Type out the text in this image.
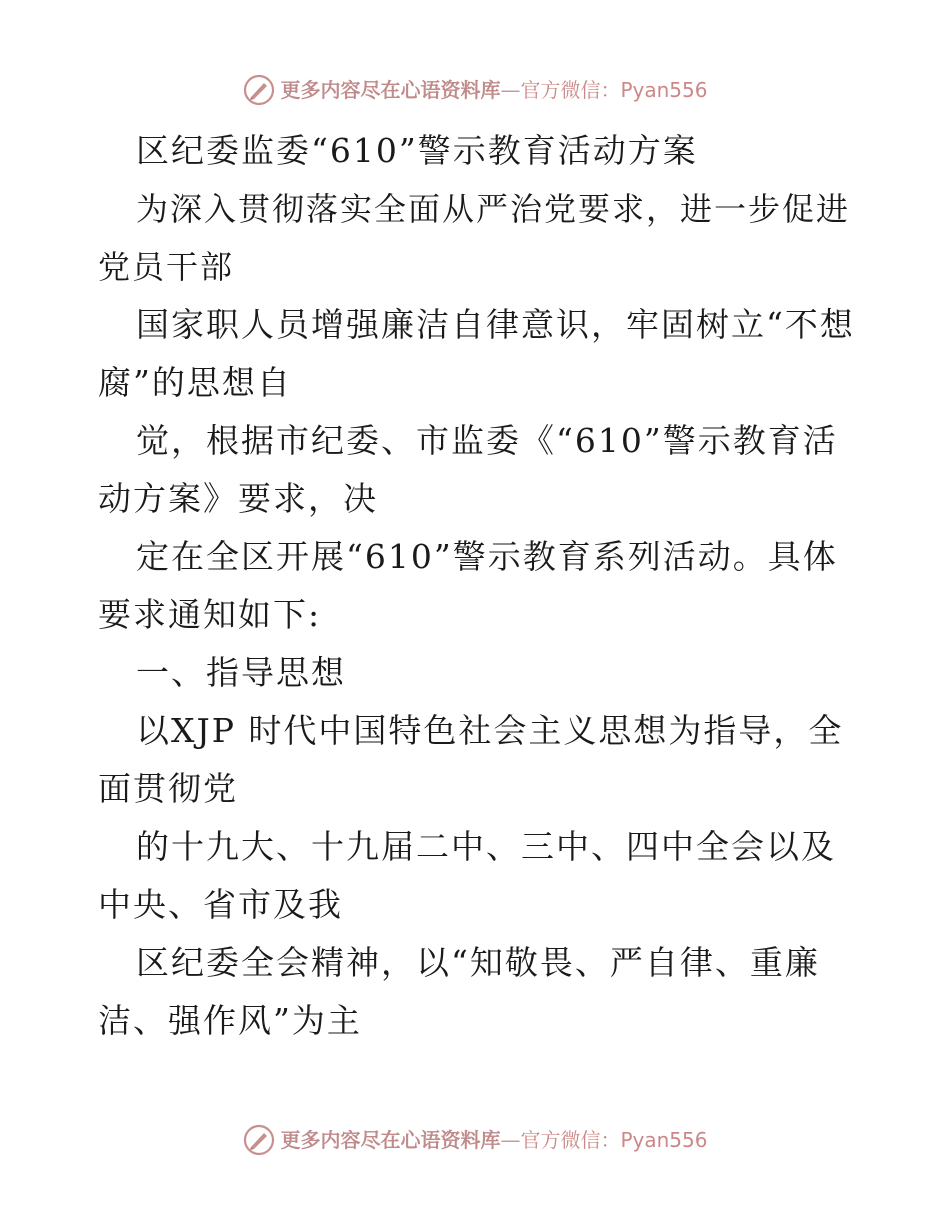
更多内容尽在心语资料库 — 官方微信：Pyan556

区纪委监委“610”警示教育活动方案

为深入贯彻落实全面从严治党要求，进一步促进党员干部

国家职人员增强廉洁自律意识，牢固树立“不想腐”的思想自

觉，根据市纪委、市监委《“610”警示教育活动方案》要求，决

定在全区开展“610”警示教育系列活动。具体要求通知如下:

一、指导思想

以XJP 时代中国特色社会主义思想为指导，全面贯彻党

的十九大、十九届二中、三中、四中全会以及中央、省市及我

区纪委全会精神，以“知敬畏、严自律、重廉洁、强作风”为主

更多内容尽在心语资料库 — 官方微信：Pyan556
